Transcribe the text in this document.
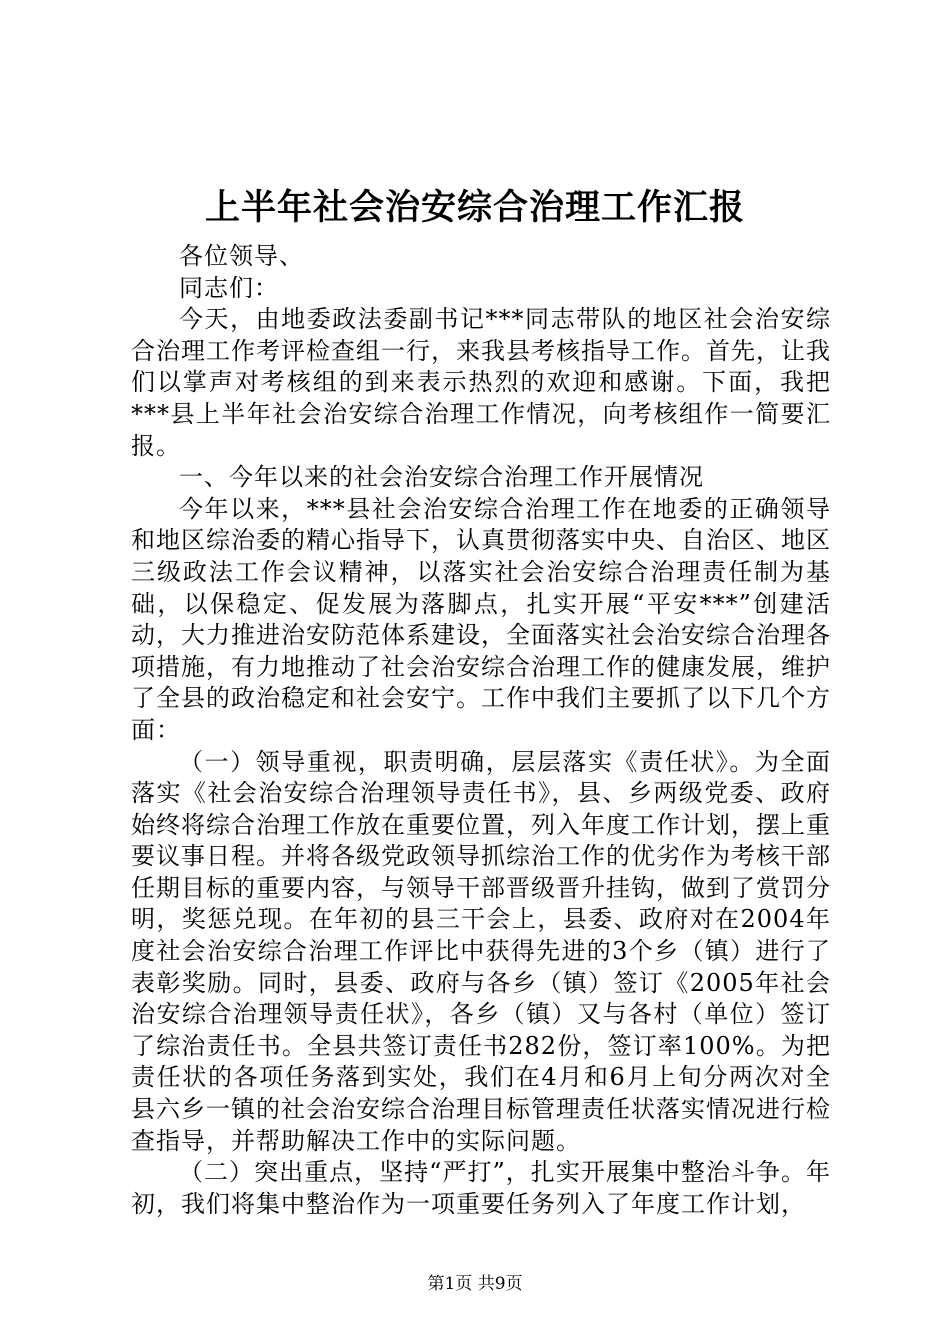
上半年社会治安综合治理工作汇报

各位领导、

同志们：

今天，由地委政法委副书记***同志带队的地区社会治安综合治理工作考评检查组一行，来我县考核指导工作。首先，让我们以掌声对考核组的到来表示热烈的欢迎和感谢。下面，我把***县上半年社会治安综合治理工作情况，向考核组作一简要汇报。

一、今年以来的社会治安综合治理工作开展情况

今年以来，***县社会治安综合治理工作在地委的正确领导和地区综治委的精心指导下，认真贯彻落实中央、自治区、地区三级政法工作会议精神，以落实社会治安综合治理责任制为基础，以保稳定、促发展为落脚点，扎实开展“平安***”创建活动，大力推进治安防范体系建设，全面落实社会治安综合治理各项措施，有力地推动了社会治安综合治理工作的健康发展，维护了全县的政治稳定和社会安宁。工作中我们主要抓了以下几个方面：

（一）领导重视，职责明确，层层落实《责任状》。为全面落实《社会治安综合治理领导责任书》，县、乡两级党委、政府始终将综合治理工作放在重要位置，列入年度工作计划，摆上重要议事日程。并将各级党政领导抓综治工作的优劣作为考核干部任期目标的重要内容，与领导干部晋级晋升挂钩，做到了赏罚分明，奖惩兑现。在年初的县三干会上，县委、政府对在2004年度社会治安综合治理工作评比中获得先进的3个乡（镇）进行了表彰奖励。同时，县委、政府与各乡（镇）签订《2005年社会治安综合治理领导责任状》，各乡（镇）又与各村（单位）签订了综治责任书。全县共签订责任书282份，签订率100%。为把责任状的各项任务落到实处，我们在4月和6月上旬分两次对全县六乡一镇的社会治安综合治理目标管理责任状落实情况进行检查指导，并帮助解决工作中的实际问题。

（二）突出重点，坚持“严打”，扎实开展集中整治斗争。年初，我们将集中整治作为一项重要任务列入了年度工作计划，

第1页 共9页
